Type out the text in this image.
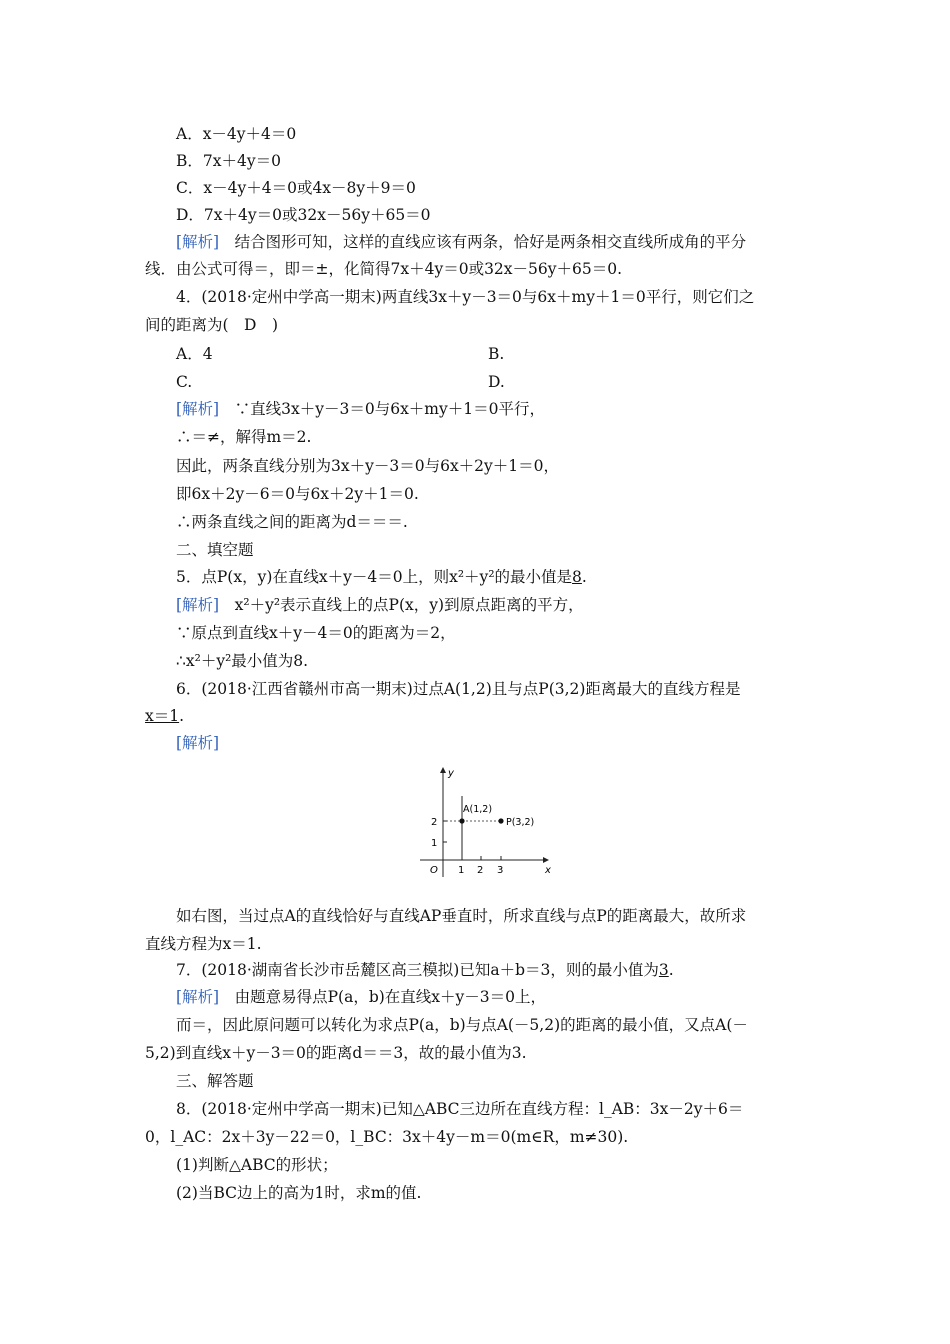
A．x－4y＋4＝0
B．7x＋4y＝0
C．x－4y＋4＝0或4x－8y＋9＝0
D．7x＋4y＝0或32x－56y＋65＝0
[解析]　 结合图形可知，这样的直线应该有两条，恰好是两条相交直线所成角的平分
线．由公式可得＝，即＝±，化简得7x＋4y＝0或32x－56y＋65＝0.
4．(2018·定州中学高一期末)两直线3x＋y－3＝0与6x＋my＋1＝0平行，则它们之
间的距离为(　D　)
A．4	B.
C.	D.
[解析]　 ∵直线3x＋y－3＝0与6x＋my＋1＝0平行，
∴＝≠，解得m＝2.
因此，两条直线分别为3x＋y－3＝0与6x＋2y＋1＝0，
即6x＋2y－6＝0与6x＋2y＋1＝0.
∴两条直线之间的距离为d＝＝＝.
二、填空题
5．点P(x，y)在直线x＋y－4＝0上，则x²＋y²的最小值是8.
[解析]　 x²＋y²表示直线上的点P(x，y)到原点距离的平方，
∵原点到直线x＋y－4＝0的距离为＝2，
∴x²＋y²最小值为8.
6．(2018·江西省赣州市高一期末)过点A(1,2)且与点P(3,2)距离最大的直线方程是
x＝1.
[解析]
y
x
O 1 2 3
1
2
A(1,2)
P(3,2)
如右图，当过点A的直线恰好与直线AP垂直时，所求直线与点P的距离最大，故所求
直线方程为x＝1.
7．(2018·湖南省长沙市岳麓区高三模拟)已知a＋b＝3，则的最小值为3.
[解析]　 由题意易得点P(a，b)在直线x＋y－3＝0上，
而＝，因此原问题可以转化为求点P(a，b)与点A(－5,2)的距离的最小值，又点A(－
5,2)到直线x＋y－3＝0的距离d＝＝3，故的最小值为3.
三、解答题
8．(2018·定州中学高一期末)已知△ABC三边所在直线方程：l_AB：3x－2y＋6＝
0，l_AC：2x＋3y－22＝0，l_BC：3x＋4y－m＝0(m∈R，m≠30).
(1)判断△ABC的形状；
(2)当BC边上的高为1时，求m的值.
